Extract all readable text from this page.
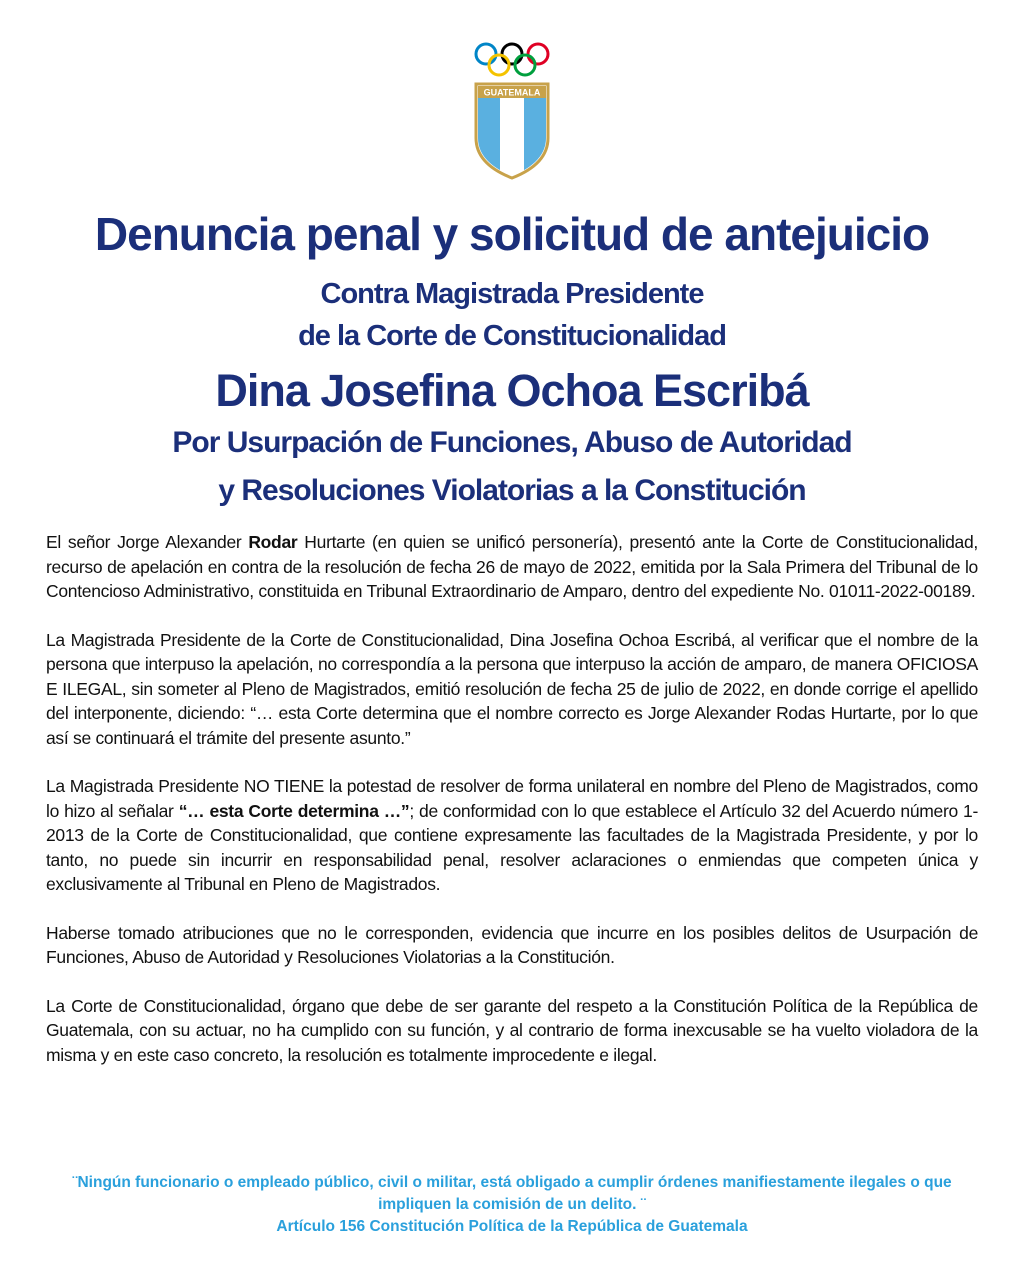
GUATEMALA
Denuncia penal y solicitud de antejuicio
Contra Magistrada Presidente
de la Corte de Constitucionalidad
Dina Josefina Ochoa Escribá
Por Usurpación de Funciones, Abuso de Autoridad
y Resoluciones Violatorias a la Constitución

El señor Jorge Alexander Rodar Hurtarte (en quien se unificó personería), presentó ante la Corte de Constitucionalidad, recurso de apelación en contra de la resolución de fecha 26 de mayo de 2022, emitida por la Sala Primera del Tribunal de lo Contencioso Administrativo, constituida en Tribunal Extraordinario de Amparo, dentro del expediente No. 01011-2022-00189.

La Magistrada Presidente de la Corte de Constitucionalidad, Dina Josefina Ochoa Escribá, al verificar que el nombre de la persona que interpuso la apelación, no correspondía a la persona que interpuso la acción de amparo, de manera OFICIOSA E ILEGAL, sin someter al Pleno de Magistrados, emitió resolución de fecha 25 de julio de 2022, en donde corrige el apellido del interponente, diciendo: “… esta Corte determina que el nombre correcto es Jorge Alexander Rodas Hurtarte, por lo que así se continuará el trámite del presente asunto.”

La Magistrada Presidente NO TIENE la potestad de resolver de forma unilateral en nombre del Pleno de Magistrados, como lo hizo al señalar “… esta Corte determina …”; de conformidad con lo que establece el Artículo 32 del Acuerdo número 1-2013 de la Corte de Constitucionalidad, que contiene expresamente las facultades de la Magistrada Presidente, y por lo tanto, no puede sin incurrir en responsabilidad penal, resolver aclaraciones o enmiendas que competen única y exclusivamente al Tribunal en Pleno de Magistrados.

Haberse tomado atribuciones que no le corresponden, evidencia que incurre en los posibles delitos de Usurpación de Funciones, Abuso de Autoridad y Resoluciones Violatorias a la Constitución.

La Corte de Constitucionalidad, órgano que debe de ser garante del respeto a la Constitución Política de la República de Guatemala, con su actuar, no ha cumplido con su función, y al contrario de forma inexcusable se ha vuelto violadora de la misma y en este caso concreto, la resolución es totalmente improcedente e ilegal.

¨Ningún funcionario o empleado público, civil o militar, está obligado a cumplir órdenes manifiestamente ilegales o que impliquen la comisión de un delito. ¨
Artículo 156 Constitución Política de la República de Guatemala
